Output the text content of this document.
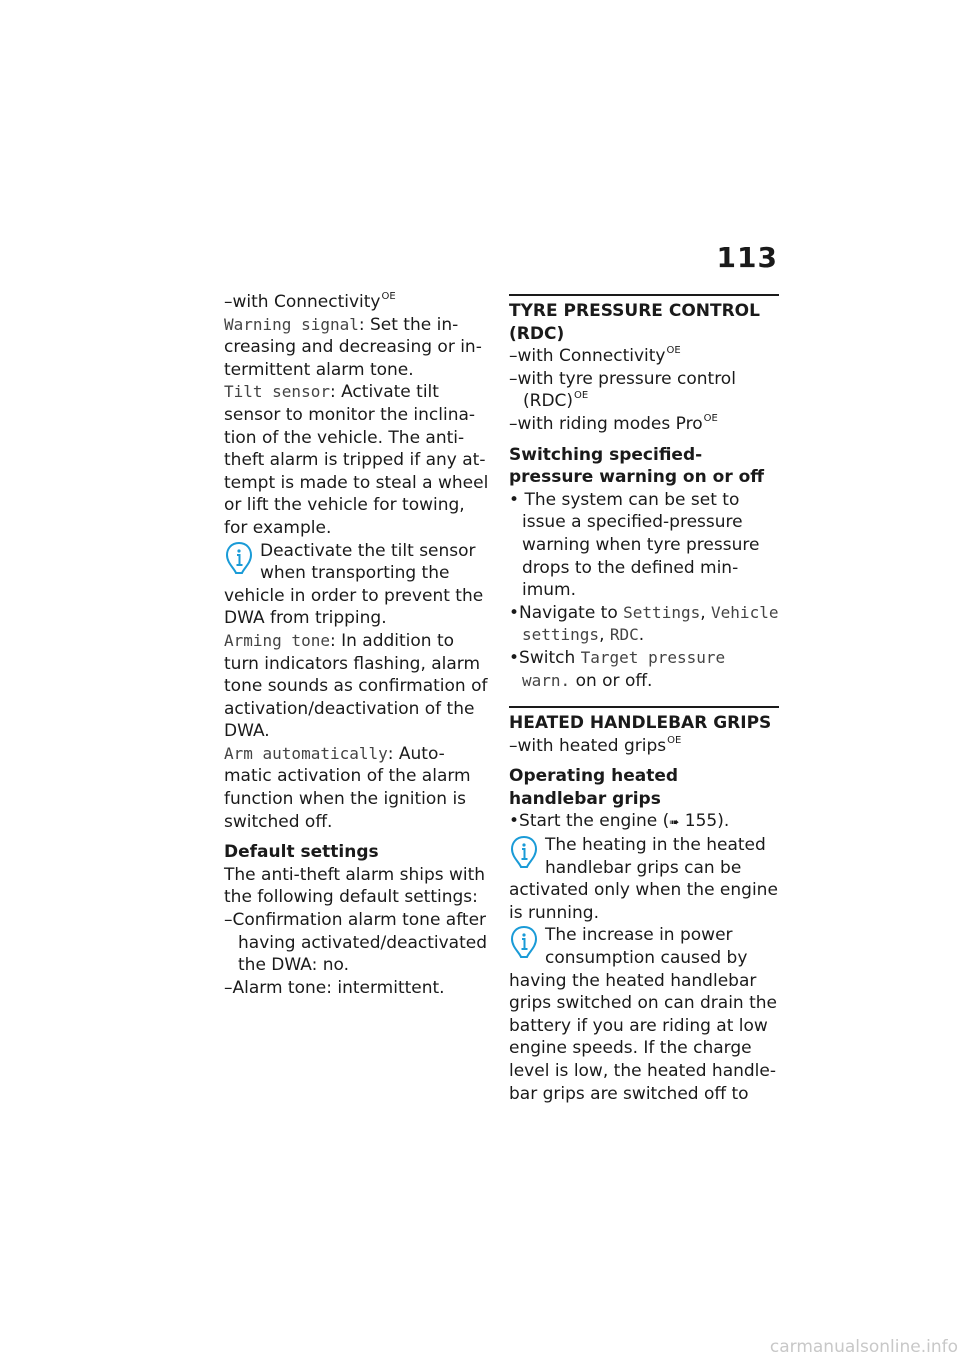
113

–with Connectivity$^{OE}$

Warning signal: Set the in-creasing and decreasing or in-termittent alarm tone.

Tilt sensor: Activate tilt sensor to monitor the inclina-tion of the vehicle. The anti-theft alarm is tripped if any at-tempt is made to steal a wheel or lift the vehicle for towing, for example.

Deactivate the tilt sensor when transporting the vehicle in order to prevent the DWA from tripping.

Arming tone: In addition to turn indicators flashing, alarm tone sounds as confirmation of activation/deactivation of the DWA.

Arm automatically: Auto-matic activation of the alarm function when the ignition is switched off.

Default settings

The anti-theft alarm ships with the following default settings:

–Confirmation alarm tone after having activated/deactivated the DWA: no.

–Alarm tone: intermittent.

TYRE PRESSURE CONTROL (RDC)

–with Connectivity$^{OE}$

–with tyre pressure control (RDC)$^{OE}$

–with riding modes Pro$^{OE}$

Switching specified-pressure warning on or off

• The system can be set to issue a specified-pressure warning when tyre pressure drops to the defined min-imum.

•Navigate to Settings, Vehicle settings, RDC.

•Switch Target pressure warn. on or off.

HEATED HANDLEBAR GRIPS

–with heated grips$^{OE}$

Operating heated handlebar grips

•Start the engine (➠ 155).

The heating in the heated handlebar grips can be activated only when the engine is running.

The increase in power consumption caused by having the heated handlebar grips switched on can drain the battery if you are riding at low engine speeds. If the charge level is low, the heated handle-bar grips are switched off to

carmanualsonline.info
